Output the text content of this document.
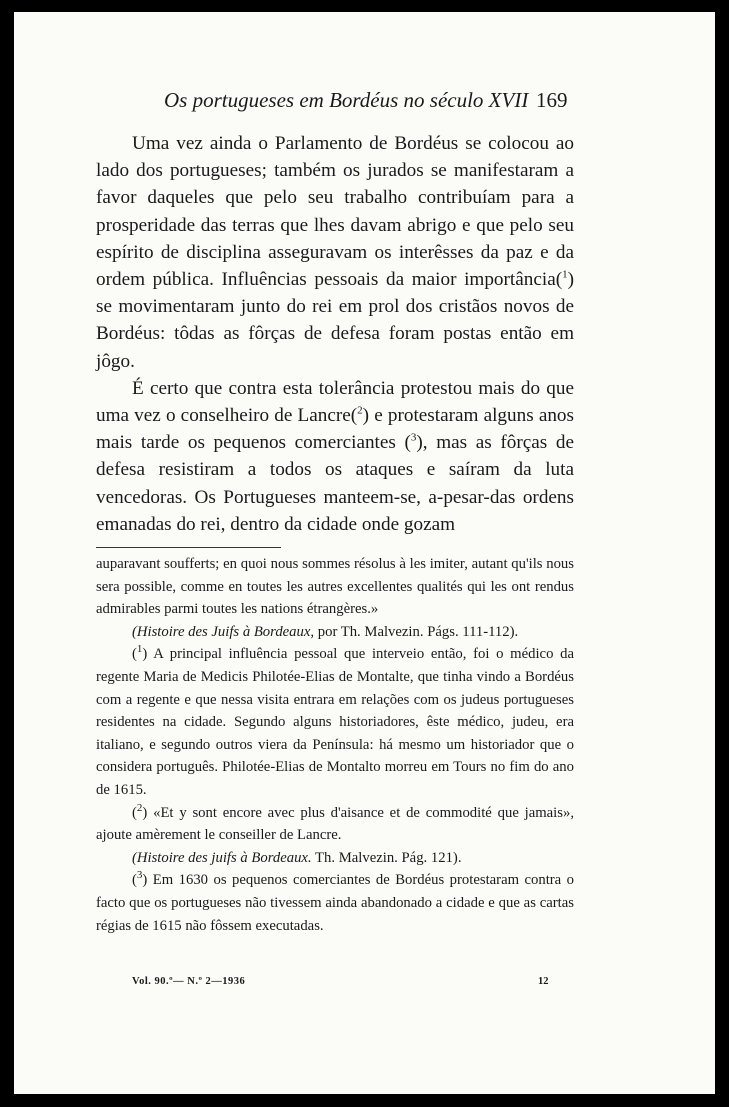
Os portugueses em Bordéus no século XVII 169

Uma vez ainda o Parlamento de Bordéus se colocou ao lado dos portugueses; também os jurados se manifestaram a favor daqueles que pelo seu trabalho contribuíam para a prosperidade das terras que lhes davam abrigo e que pelo seu espírito de disciplina asseguravam os interêsses da paz e da ordem pública. Influências pessoais da maior importância($^1$) se movimentaram junto do rei em prol dos cristãos novos de Bordéus: tôdas as fôrças de defesa foram postas então em jôgo.

É certo que contra esta tolerância protestou mais do que uma vez o conselheiro de Lancre($^2$) e protestaram alguns anos mais tarde os pequenos comerciantes ($^3$), mas as fôrças de defesa resistiram a todos os ataques e saíram da luta vencedoras. Os Portugueses manteem-se, a-pesar-das ordens emanadas do rei, dentro da cidade onde gozam

auparavant soufferts; en quoi nous sommes résolus à les imiter, autant qu'ils nous sera possible, comme en toutes les autres excellentes qualités qui les ont rendus admirables parmi toutes les nations étrangères.»

(Histoire des Juifs à Bordeaux, por Th. Malvezin. Págs. 111-112).

($^1$) A principal influência pessoal que interveio então, foi o médico da regente Maria de Medicis Philotée-Elias de Montalte, que tinha vindo a Bordéus com a regente e que nessa visita entrara em relações com os judeus portugueses residentes na cidade. Segundo alguns historiadores, êste médico, judeu, era italiano, e segundo outros viera da Península: há mesmo um historiador que o considera português. Philotée-Elias de Montalto morreu em Tours no fim do ano de 1615.

($^2$) «Et y sont encore avec plus d'aisance et de commodité que jamais», ajoute amèrement le conseiller de Lancre.

(Histoire des juifs à Bordeaux. Th. Malvezin. Pág. 121).

($^3$) Em 1630 os pequenos comerciantes de Bordéus protestaram contra o facto que os portugueses não tivessem ainda abandonado a cidade e que as cartas régias de 1615 não fôssem executadas.

Vol. 90.º— N.º 2—1936	12
